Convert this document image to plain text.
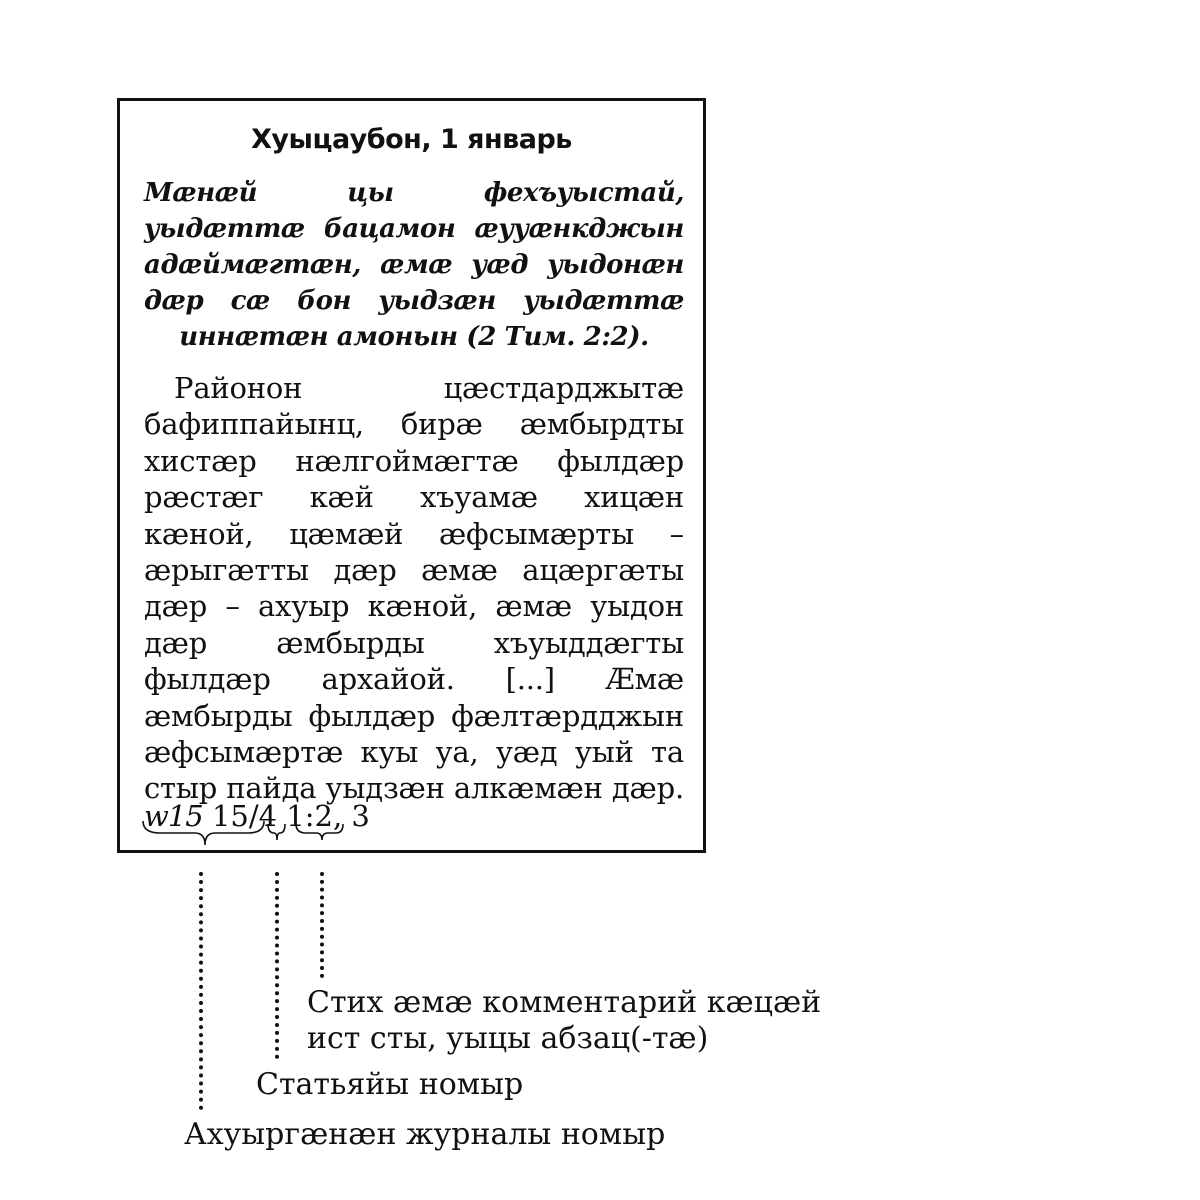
Хуыцаубон, 1 январь
Мæнæй цы фехъуыстай, уыдæттæ бацамон æууæнкджын адæймæгтæн, æмæ уæд уыдонæн дæр сæ бон уыдзæн уыдæттæ иннæтæн амонын (2 Тим. 2:2).
Районон цæстдарджытæ бафиппайынц, бирæ æмбырдты хистæр нæлгоймæгтæ фылдæр рæстæг кæй хъуамæ хицæн кæной, цæмæй æфсымæрты – æрыгæтты дæр æмæ ацæргæты дæр – ахуыр кæной, æмæ уыдон дæр æмбырды хъуыддæгты фылдæр архайой. [...] Æмæ æмбырды фылдæр фæлтæрдджын æфсымæртæ куы уа, уæд уый та стыр пайда уыдзæн алкæмæн дæр.
w15 15/4 1:2, 3
Стих æмæ комментарий кæцæй
ист сты, уыцы абзац(-тæ)
Статьяйы номыр
Ахуыргæнæн журналы номыр
